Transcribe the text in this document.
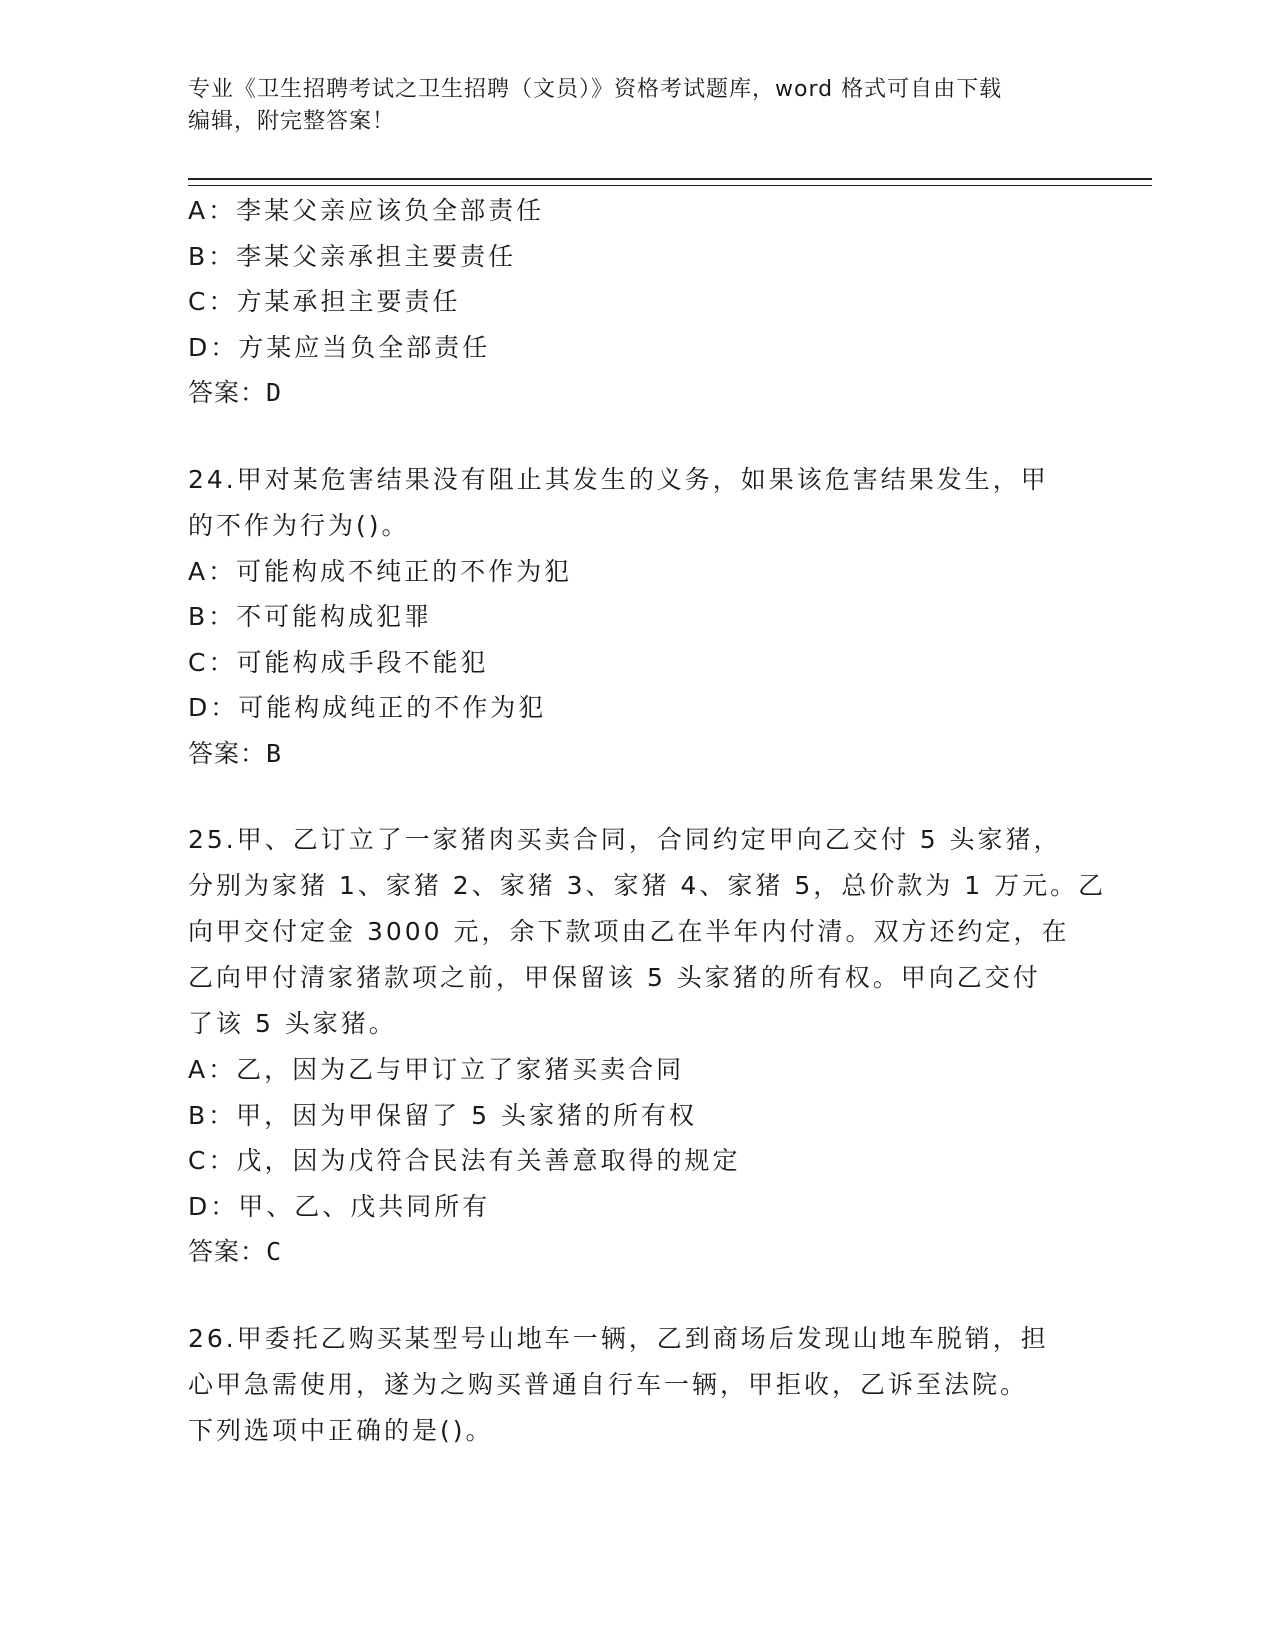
专业《卫生招聘考试之卫生招聘（文员）》资格考试题库，word 格式可自由下载
编辑，附完整答案！
A：李某父亲应该负全部责任
B：李某父亲承担主要责任
C：方某承担主要责任
D：方某应当负全部责任
答案：D
24.甲对某危害结果没有阻止其发生的义务，如果该危害结果发生，甲
的不作为行为()。
A：可能构成不纯正的不作为犯
B：不可能构成犯罪
C：可能构成手段不能犯
D：可能构成纯正的不作为犯
答案：B
25.甲、乙订立了一家猪肉买卖合同，合同约定甲向乙交付 5 头家猪，
分别为家猪 1、家猪 2、家猪 3、家猪 4、家猪 5，总价款为 1 万元。乙
向甲交付定金 3000 元，余下款项由乙在半年内付清。双方还约定，在
乙向甲付清家猪款项之前，甲保留该 5 头家猪的所有权。甲向乙交付
了该 5 头家猪。
A：乙，因为乙与甲订立了家猪买卖合同
B：甲，因为甲保留了 5 头家猪的所有权
C：戊，因为戊符合民法有关善意取得的规定
D：甲、乙、戊共同所有
答案：C
26.甲委托乙购买某型号山地车一辆，乙到商场后发现山地车脱销，担
心甲急需使用，遂为之购买普通自行车一辆，甲拒收，乙诉至法院。
下列选项中正确的是()。
